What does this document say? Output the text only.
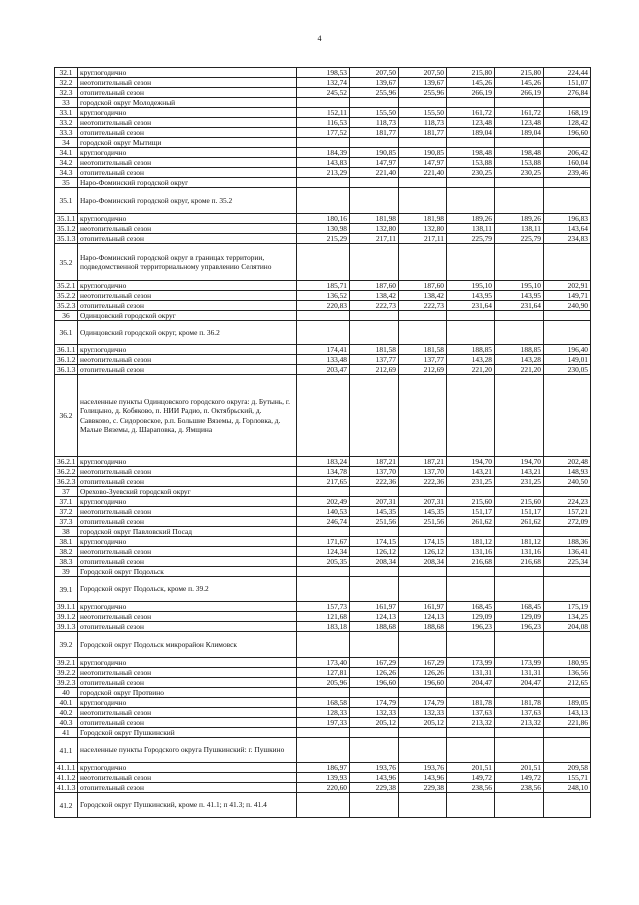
4
32.1	круглогодично	198,53	207,50	207,50	215,80	215,80	224,44
32.2	неотопительный сезон	132,74	139,67	139,67	145,26	145,26	151,07
32.3	отопительный сезон	245,52	255,96	255,96	266,19	266,19	276,84
33	городской округ Молодежный						
33.1	круглогодично	152,11	155,50	155,50	161,72	161,72	168,19
33.2	неотопительный сезон	116,53	118,73	118,73	123,48	123,48	128,42
33.3	отопительный сезон	177,52	181,77	181,77	189,04	189,04	196,60
34	городской округ Мытищи						
34.1	круглогодично	184,39	190,85	190,85	198,48	198,48	206,42
34.2	неотопительный сезон	143,83	147,97	147,97	153,88	153,88	160,04
34.3	отопительный сезон	213,29	221,40	221,40	230,25	230,25	239,46
35	Наро-Фоминский городской округ						
35.1	Наро-Фоминский городской округ, кроме п. 35.2						
35.1.1	круглогодично	180,16	181,98	181,98	189,26	189,26	196,83
35.1.2	неотопительный сезон	130,98	132,80	132,80	138,11	138,11	143,64
35.1.3	отопительный сезон	215,29	217,11	217,11	225,79	225,79	234,83
35.2	Наро-Фоминский городской округ в границах территории, подведомственной территориальному управлению Селятино						
35.2.1	круглогодично	185,71	187,60	187,60	195,10	195,10	202,91
35.2.2	неотопительный сезон	136,52	138,42	138,42	143,95	143,95	149,71
35.2.3	отопительный сезон	220,83	222,73	222,73	231,64	231,64	240,90
36	Одинцовский городской округ						
36.1	Одинцовский городской округ, кроме п. 36.2						
36.1.1	круглогодично	174,41	181,58	181,58	188,85	188,85	196,40
36.1.2	неотопительный сезон	133,48	137,77	137,77	143,28	143,28	149,01
36.1.3	отопительный сезон	203,47	212,69	212,69	221,20	221,20	230,05
36.2	населенные пункты Одинцовского городского округа: д. Бутынь, г. Голицыно, д. Кобяково, п. НИИ Радио, п. Октябрьский, д. Саввково, с. Сидоровское, р.п. Большие Вяземы, д. Горловка, д. Малые Вяземы, д. Шараповка, д. Ямщина						
36.2.1	круглогодично	183,24	187,21	187,21	194,70	194,70	202,48
36.2.2	неотопительный сезон	134,78	137,70	137,70	143,21	143,21	148,93
36.2.3	отопительный сезон	217,65	222,36	222,36	231,25	231,25	240,50
37	Орехово-Зуевский городской округ						
37.1	круглогодично	202,49	207,31	207,31	215,60	215,60	224,23
37.2	неотопительный сезон	140,53	145,35	145,35	151,17	151,17	157,21
37.3	отопительный сезон	246,74	251,56	251,56	261,62	261,62	272,09
38	городской округ Павловский Посад						
38.1	круглогодично	171,67	174,15	174,15	181,12	181,12	188,36
38.2	неотопительный сезон	124,34	126,12	126,12	131,16	131,16	136,41
38.3	отопительный сезон	205,35	208,34	208,34	216,68	216,68	225,34
39	Городской округ Подольск						
39.1	Городской округ Подольск, кроме п. 39.2						
39.1.1	круглогодично	157,73	161,97	161,97	168,45	168,45	175,19
39.1.2	неотопительный сезон	121,68	124,13	124,13	129,09	129,09	134,25
39.1.3	отопительный сезон	183,18	188,68	188,68	196,23	196,23	204,08
39.2	Городской округ Подольск микрорайон Климовск						
39.2.1	круглогодично	173,40	167,29	167,29	173,99	173,99	180,95
39.2.2	неотопительный сезон	127,81	126,26	126,26	131,31	131,31	136,56
39.2.3	отопительный сезон	205,96	196,60	196,60	204,47	204,47	212,65
40	городской округ Протвино						
40.1	круглогодично	168,58	174,79	174,79	181,78	181,78	189,05
40.2	неотопительный сезон	128,33	132,33	132,33	137,63	137,63	143,13
40.3	отопительный сезон	197,33	205,12	205,12	213,32	213,32	221,86
41	Городской округ Пушкинский						
41.1	населенные пункты Городского округа Пушкинский: г. Пушкино						
41.1.1	круглогодично	186,97	193,76	193,76	201,51	201,51	209,58
41.1.2	неотопительный сезон	139,93	143,96	143,96	149,72	149,72	155,71
41.1.3	отопительный сезон	220,60	229,38	229,38	238,56	238,56	248,10
41.2	Городской округ Пушкинский, кроме п. 41.1; п 41.3; п. 41.4						
